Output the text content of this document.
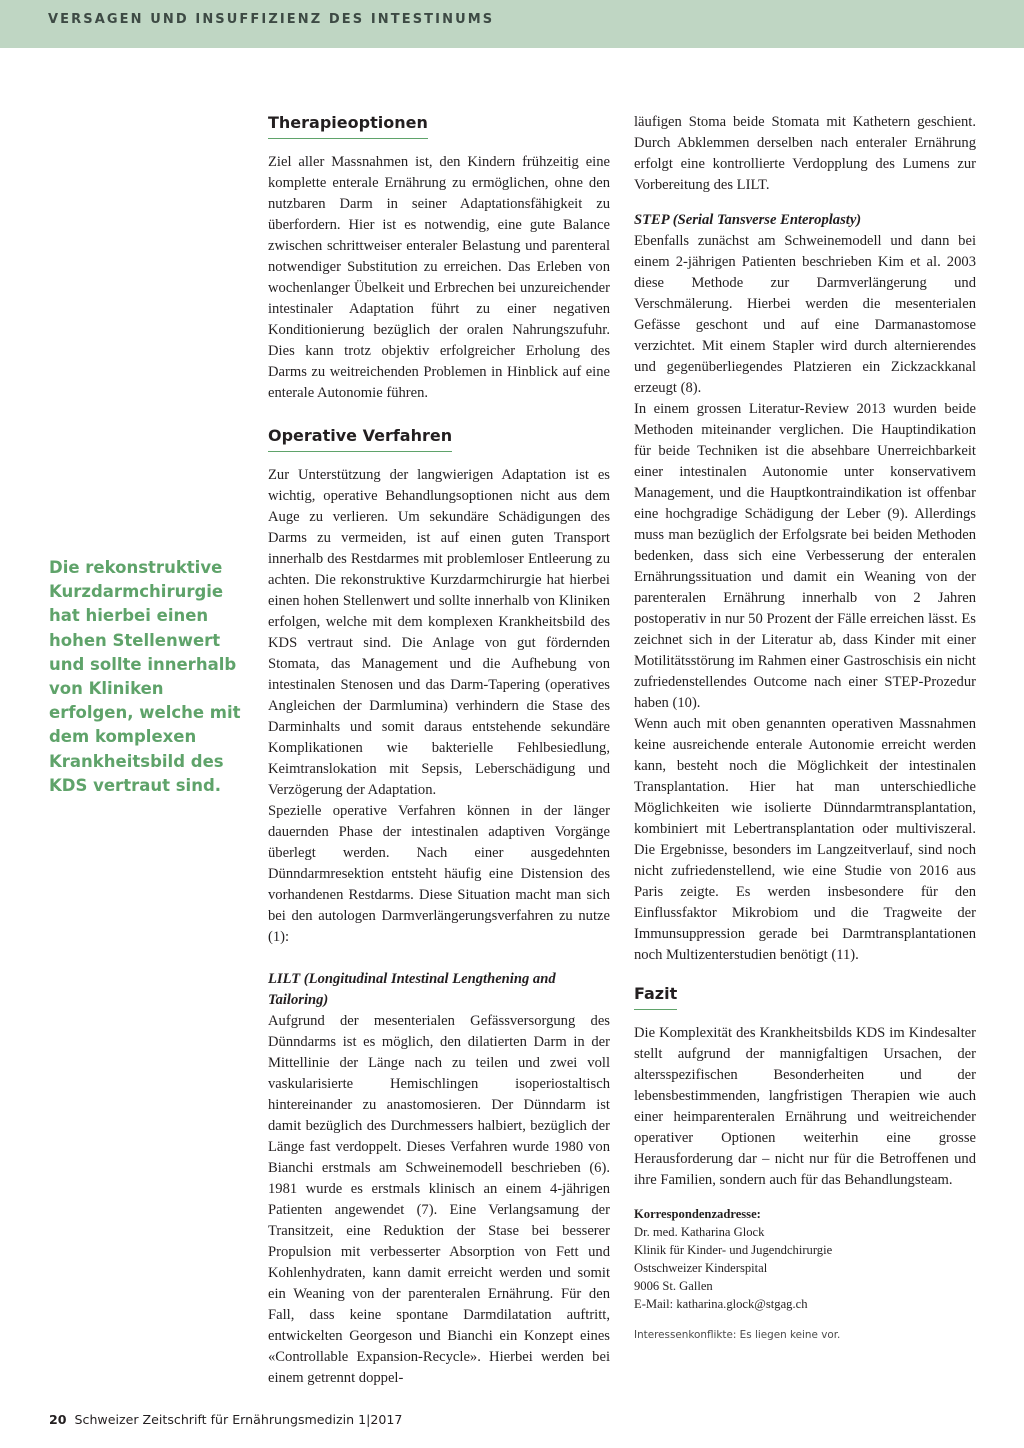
VERSAGEN UND INSUFFIZIENZ DES INTESTINUMS
Die rekonstruktive Kurzdarmchirurgie hat hierbei einen hohen Stellenwert und sollte innerhalb von Kliniken erfolgen, welche mit dem komplexen Krankheitsbild des KDS vertraut sind.
Therapieoptionen

Ziel aller Massnahmen ist, den Kindern frühzeitig eine komplette enterale Ernährung zu ermöglichen, ohne den nutzbaren Darm in seiner Adaptationsfähigkeit zu überfordern. Hier ist es notwendig, eine gute Balance zwischen schrittweiser enteraler Belastung und parenteral notwendiger Substitution zu erreichen. Das Erleben von wochenlanger Übelkeit und Erbrechen bei unzureichender intestinaler Adaptation führt zu einer negativen Konditionierung bezüglich der oralen Nahrungszufuhr. Dies kann trotz objektiv erfolgreicher Erholung des Darms zu weitreichenden Problemen in Hinblick auf eine enterale Autonomie führen.

Operative Verfahren

Zur Unterstützung der langwierigen Adaptation ist es wichtig, operative Behandlungsoptionen nicht aus dem Auge zu verlieren. Um sekundäre Schädigungen des Darms zu vermeiden, ist auf einen guten Transport innerhalb des Restdarmes mit problemloser Entleerung zu achten. Die rekonstruktive Kurzdarmchirurgie hat hierbei einen hohen Stellenwert und sollte innerhalb von Kliniken erfolgen, welche mit dem komplexen Krankheitsbild des KDS vertraut sind. Die Anlage von gut fördernden Stomata, das Management und die Aufhebung von intestinalen Stenosen und das Darm-Tapering (operatives Angleichen der Darmlumina) verhindern die Stase des Darminhalts und somit daraus entstehende sekundäre Komplikationen wie bakterielle Fehlbesiedlung, Keimtranslokation mit Sepsis, Leberschädigung und Verzögerung der Adaptation.

Spezielle operative Verfahren können in der länger dauernden Phase der intestinalen adaptiven Vorgänge überlegt werden. Nach einer ausgedehnten Dünndarmresektion entsteht häufig eine Distension des vorhandenen Restdarms. Diese Situation macht man sich bei den autologen Darmverlängerungsverfahren zu nutze (1):

LILT (Longitudinal Intestinal Lengthening and Tailoring)

Aufgrund der mesenterialen Gefässversorgung des Dünndarms ist es möglich, den dilatierten Darm in der Mittellinie der Länge nach zu teilen und zwei voll vaskularisierte Hemischlingen isoperiostaltisch hintereinander zu anastomosieren. Der Dünndarm ist damit bezüglich des Durchmessers halbiert, bezüglich der Länge fast verdoppelt. Dieses Verfahren wurde 1980 von Bianchi erstmals am Schweinemodell beschrieben (6). 1981 wurde es erstmals klinisch an einem 4-jährigen Patienten angewendet (7). Eine Verlangsamung der Transitzeit, eine Reduktion der Stase bei besserer Propulsion mit verbesserter Absorption von Fett und Kohlenhydraten, kann damit erreicht werden und somit ein Weaning von der parenteralen Ernährung. Für den Fall, dass keine spontane Darmdilatation auftritt, entwickelten Georgeson und Bianchi ein Konzept eines «Controllable Expansion-Recycle». Hierbei werden bei einem getrennt doppel-

läufigen Stoma beide Stomata mit Kathetern geschient. Durch Abklemmen derselben nach enteraler Ernährung erfolgt eine kontrollierte Verdopplung des Lumens zur Vorbereitung des LILT.

STEP (Serial Tansverse Enteroplasty)

Ebenfalls zunächst am Schweinemodell und dann bei einem 2-jährigen Patienten beschrieben Kim et al. 2003 diese Methode zur Darmverlängerung und Verschmälerung. Hierbei werden die mesenterialen Gefässe geschont und auf eine Darmanastomose verzichtet. Mit einem Stapler wird durch alternierendes und gegenüberliegendes Platzieren ein Zickzackkanal erzeugt (8).

In einem grossen Literatur-Review 2013 wurden beide Methoden miteinander verglichen. Die Hauptindikation für beide Techniken ist die absehbare Unerreichbarkeit einer intestinalen Autonomie unter konservativem Management, und die Hauptkontraindikation ist offenbar eine hochgradige Schädigung der Leber (9). Allerdings muss man bezüglich der Erfolgsrate bei beiden Methoden bedenken, dass sich eine Verbesserung der enteralen Ernährungssituation und damit ein Weaning von der parenteralen Ernährung innerhalb von 2 Jahren postoperativ in nur 50 Prozent der Fälle erreichen lässt. Es zeichnet sich in der Literatur ab, dass Kinder mit einer Motilitätsstörung im Rahmen einer Gastroschisis ein nicht zufriedenstellendes Outcome nach einer STEP-Prozedur haben (10).

Wenn auch mit oben genannten operativen Massnahmen keine ausreichende enterale Autonomie erreicht werden kann, besteht noch die Möglichkeit der intestinalen Transplantation. Hier hat man unterschiedliche Möglichkeiten wie isolierte Dünndarmtransplantation, kombiniert mit Lebertransplantation oder multiviszeral. Die Ergebnisse, besonders im Langzeitverlauf, sind noch nicht zufriedenstellend, wie eine Studie von 2016 aus Paris zeigte. Es werden insbesondere für den Einflussfaktor Mikrobiom und die Tragweite der Immunsuppression gerade bei Darmtransplantationen noch Multizenterstudien benötigt (11).

Fazit

Die Komplexität des Krankheitsbilds KDS im Kindesalter stellt aufgrund der mannigfaltigen Ursachen, der altersspezifischen Besonderheiten und der lebensbestimmenden, langfristigen Therapien wie auch einer heimparenteralen Ernährung und weitreichender operativer Optionen weiterhin eine grosse Herausforderung dar – nicht nur für die Betroffenen und ihre Familien, sondern auch für das Behandlungsteam.

Korrespondenzadresse:
Dr. med. Katharina Glock
Klinik für Kinder- und Jugendchirurgie
Ostschweizer Kinderspital
9006 St. Gallen
E-Mail: katharina.glock@stgag.ch
Interessenkonflikte: Es liegen keine vor.
20 Schweizer Zeitschrift für Ernährungsmedizin 1|2017
